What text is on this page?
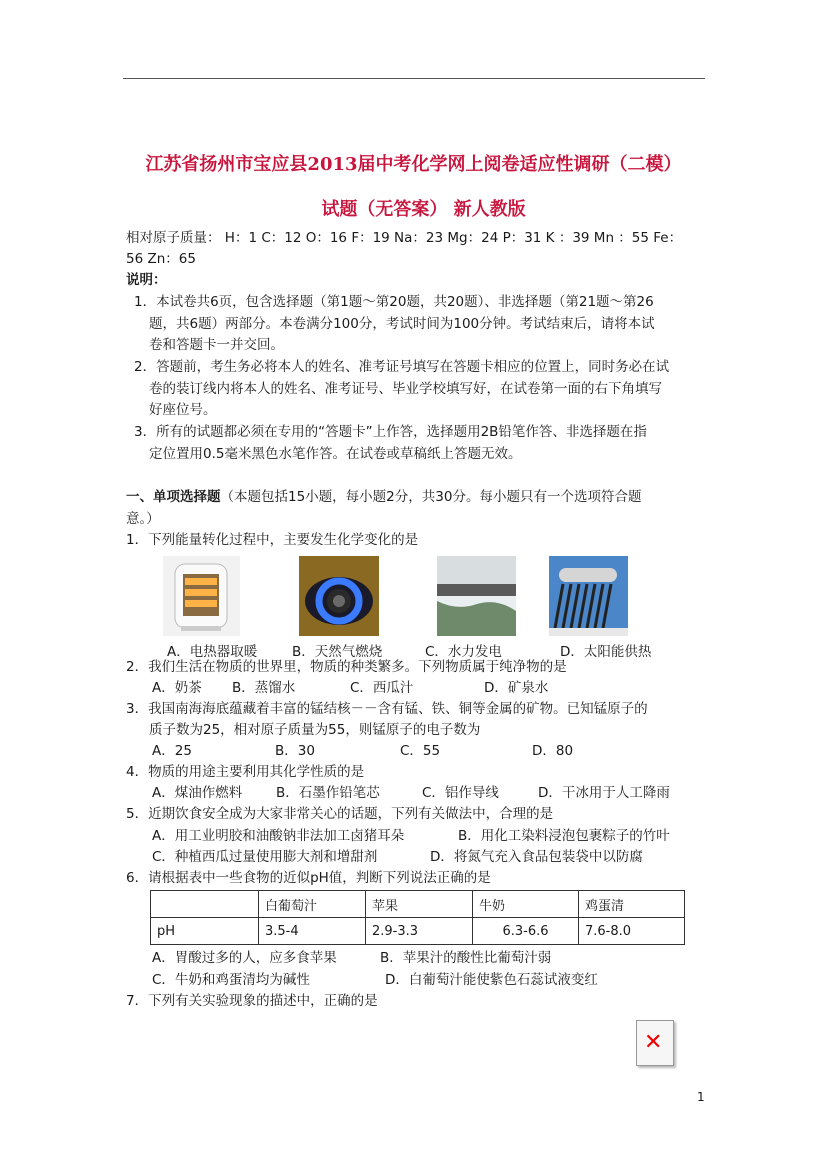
江苏省扬州市宝应县2013届中考化学网上阅卷适应性调研（二模）
试题（无答案） 新人教版
相对原子质量： H：1 C：12 O：16 F：19 Na：23 Mg：24 P：31 K ：39 Mn ：55 Fe：
56 Zn：65
说明：
1．本试卷共6页，包含选择题（第1题～第20题，共20题）、非选择题（第21题～第26
题，共6题）两部分。本卷满分100分，考试时间为100分钟。考试结束后，请将本试
卷和答题卡一并交回。
2．答题前，考生务必将本人的姓名、准考证号填写在答题卡相应的位置上，同时务必在试
卷的装订线内将本人的姓名、准考证号、毕业学校填写好，在试卷第一面的右下角填写
好座位号。
3．所有的试题都必须在专用的“答题卡”上作答，选择题用2B铅笔作答、非选择题在指
定位置用0.5毫米黑色水笔作答。在试卷或草稿纸上答题无效。
一、单项选择题（本题包括15小题，每小题2分，共30分。每小题只有一个选项符合题
意。）
1．下列能量转化过程中，主要发生化学变化的是
A．电热器取暖	B．天然气燃烧	C．水力发电	D．太阳能供热
2．我们生活在物质的世界里，物质的种类繁多。下列物质属于纯净物的是
A．奶茶 B．蒸馏水	C．西瓜汁	D．矿泉水
3．我国南海海底蕴藏着丰富的锰结核－－含有锰、铁、铜等金属的矿物。已知锰原子的
质子数为25，相对原子质量为55，则锰原子的电子数为
A．25	B．30	C．55	D．80
4．物质的用途主要利用其化学性质的是
A．煤油作燃料	B．石墨作铅笔芯	C．铝作导线	D．干冰用于人工降雨
5．近期饮食安全成为大家非常关心的话题，下列有关做法中，合理的是
A．用工业明胶和油酸钠非法加工卤猪耳朵	B．用化工染料浸泡包裹粽子的竹叶
C．种植西瓜过量使用膨大剂和增甜剂	D．将氮气充入食品包装袋中以防腐
6．请根据表中一些食物的近似pH值，判断下列说法正确的是
	白葡萄汁	苹果	牛奶	鸡蛋清
pH	3.5-4	2.9-3.3	6.3-6.6	7.6-8.0
A．胃酸过多的人，应多食苹果	B．苹果汁的酸性比葡萄汁弱
C．牛奶和鸡蛋清均为碱性	D．白葡萄汁能使紫色石蕊试液变红
7．下列有关实验现象的描述中，正确的是
✕
1
